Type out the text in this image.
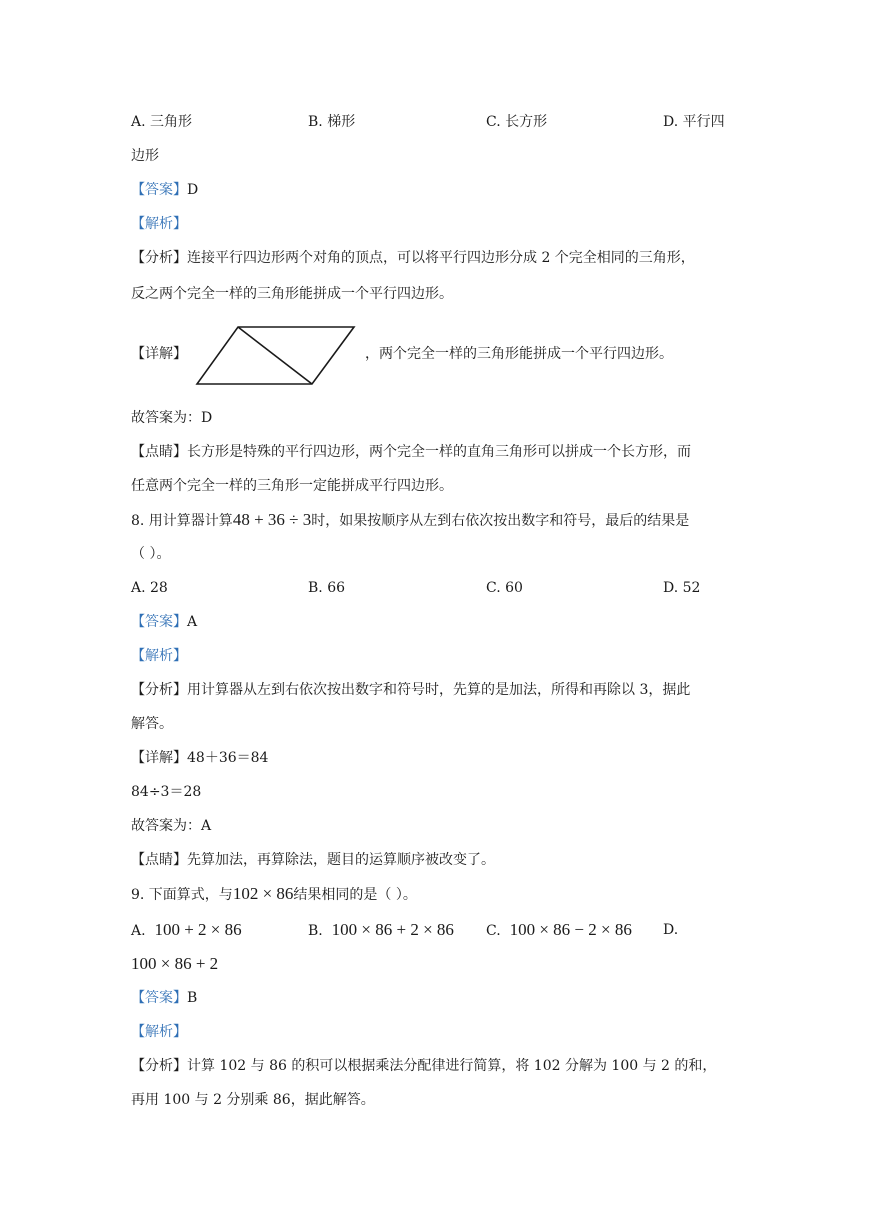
A. 三角形	B. 梯形	C. 长方形	D. 平行四
边形
【答案】D
【解析】
【分析】连接平行四边形两个对角的顶点，可以将平行四边形分成 2 个完全相同的三角形，
反之两个完全一样的三角形能拼成一个平行四边形。
【详解】	，两个完全一样的三角形能拼成一个平行四边形。
故答案为：D
【点睛】长方形是特殊的平行四边形，两个完全一样的直角三角形可以拼成一个长方形，而
任意两个完全一样的三角形一定能拼成平行四边形。
8. 用计算器计算48 + 36 ÷ 3时，如果按顺序从左到右依次按出数字和符号，最后的结果是
（ ）。
A. 28	B. 66	C. 60	D. 52
【答案】A
【解析】
【分析】用计算器从左到右依次按出数字和符号时，先算的是加法，所得和再除以 3，据此
解答。
【详解】48＋36＝84
84÷3＝28
故答案为：A
【点睛】先算加法，再算除法，题目的运算顺序被改变了。
9. 下面算式，与102 × 86结果相同的是（ ）。
A. 100 + 2 × 86	B. 100 × 86 + 2 × 86 C. 100 × 86 − 2 × 86 D.
100 × 86 + 2
【答案】B
【解析】
【分析】计算 102 与 86 的积可以根据乘法分配律进行简算，将 102 分解为 100 与 2 的和，
再用 100 与 2 分别乘 86，据此解答。
